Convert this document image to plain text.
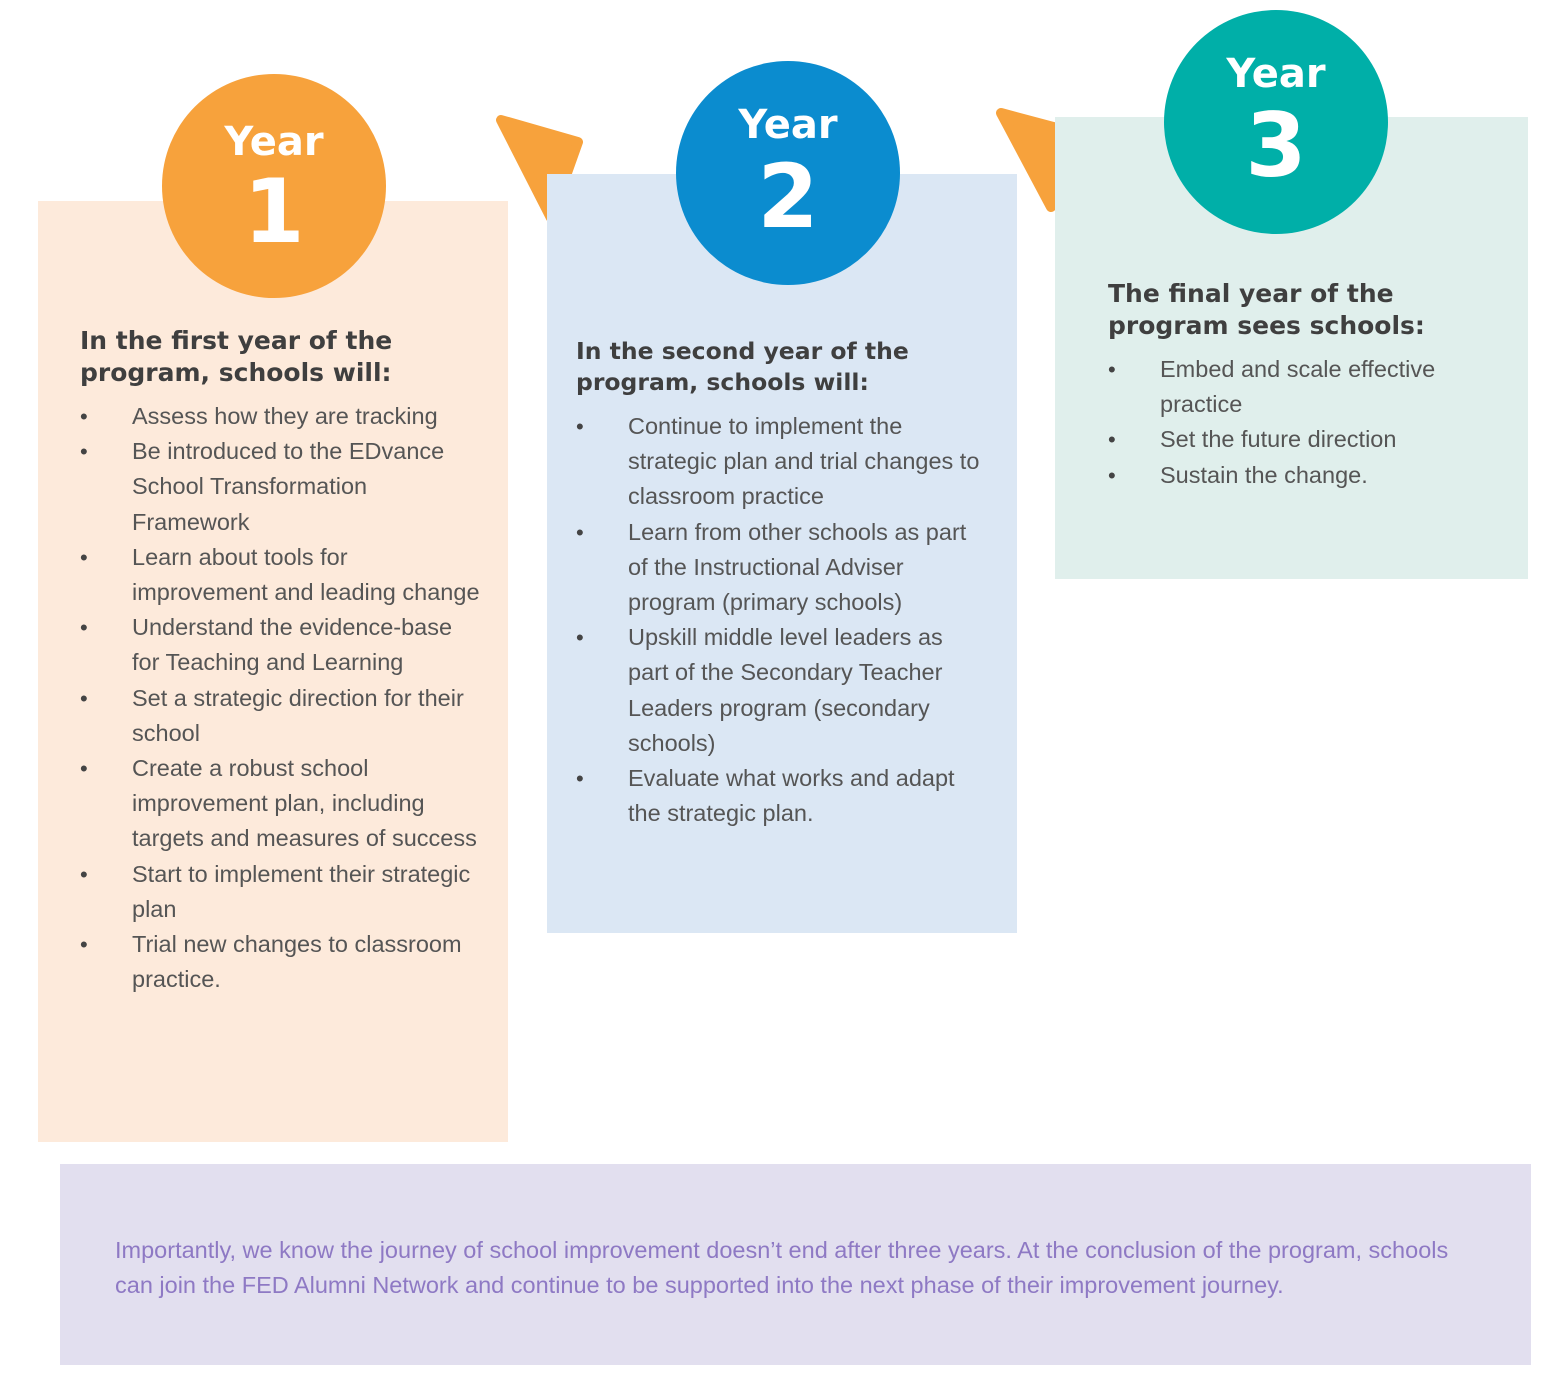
Year
1
In the first year of the
program, schools will:
• Assess how they are tracking
• Be introduced to the EDvance School Transformation Framework
• Learn about tools for improvement and leading change
• Understand the evidence-base for Teaching and Learning
• Set a strategic direction for their school
• Create a robust school improvement plan, including targets and measures of success
• Start to implement their strategic plan
• Trial new changes to classroom practice.
Year
2
In the second year of the
program, schools will:
• Continue to implement the strategic plan and trial changes to classroom practice
• Learn from other schools as part of the Instructional Adviser program (primary schools)
• Upskill middle level leaders as part of the Secondary Teacher Leaders program (secondary schools)
• Evaluate what works and adapt the strategic plan.
Year
3
The final year of the
program sees schools:
• Embed and scale effective practice
• Set the future direction
• Sustain the change.

Importantly, we know the journey of school improvement doesn’t end after three years. At the conclusion of the program, schools can join the FED Alumni Network and continue to be supported into the next phase of their improvement journey.
